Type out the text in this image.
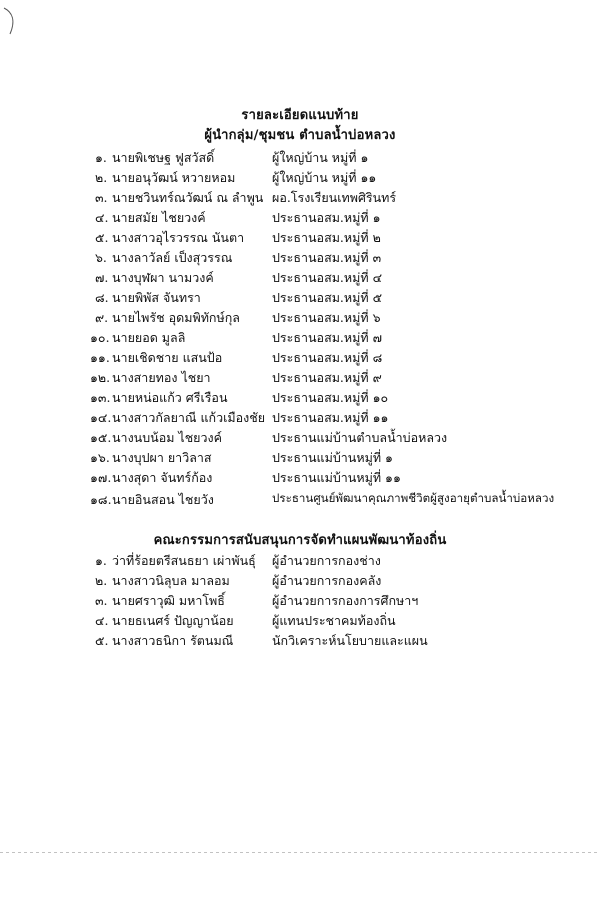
รายละเอียดแนบท้าย
ผู้นำกลุ่ม/ชุมชน ตำบลน้ำบ่อหลวง
๑. นายพิเชษฐ ฟูสวัสดิ์	ผู้ใหญ่บ้าน หมู่ที่ ๑
๒. นายอนุวัฒน์ หวายหอม	ผู้ใหญ่บ้าน หมู่ที่ ๑๑
๓. นายชวินทร์ณวัฒน์ ณ ลำพูน ผอ.โรงเรียนเทพศิรินทร์
๔. นายสมัย ไชยวงค์	ประธานอสม.หมู่ที่ ๑
๕. นางสาวอุไรวรรณ นันตา ประธานอสม.หมู่ที่ ๒
๖. นางลาวัลย์ เป็งสุวรรณ	ประธานอสม.หมู่ที่ ๓
๗. นางบุฬผา นามวงค์	ประธานอสม.หมู่ที่ ๔
๘. นายพิพัส จันทรา	ประธานอสม.หมู่ที่ ๕
๙. นายไพรัช อุดมพิทักษ์กุล	ประธานอสม.หมู่ที่ ๖
๑๐. นายยอด มูลลิ	ประธานอสม.หมู่ที่ ๗
๑๑. นายเชิดชาย แสนป้อ	ประธานอสม.หมู่ที่ ๘
๑๒. นางสายทอง ไชยา	ประธานอสม.หมู่ที่ ๙
๑๓. นายหน่อแก้ว ศรีเรือน	ประธานอสม.หมู่ที่ ๑๐
๑๔. นางสาวกัลยาณี แก้วเมืองชัย ประธานอสม.หมู่ที่ ๑๑
๑๕. นางนบน้อม ไชยวงค์	ประธานแม่บ้านตำบลน้ำบ่อหลวง
๑๖. นางบุปผา ยาวิลาส	ประธานแม่บ้านหมู่ที่ ๑
๑๗. นางสุดา จันทร์ก้อง	ประธานแม่บ้านหมู่ที่ ๑๑
๑๘. นายอินสอน ไชยวัง	ประธานศูนย์พัฒนาคุณภาพชีวิตผู้สูงอายุตำบลน้ำบ่อหลวง
คณะกรรมการสนับสนุนการจัดทำแผนพัฒนาท้องถิ่น
๑. ว่าที่ร้อยตรีสนธยา เผ่าพันธุ์ ผู้อำนวยการกองช่าง
๒. นางสาวนิลุบล มาลอม	ผู้อำนวยการกองคลัง
๓. นายศราวุฒิ มหาโพธิ์	ผู้อำนวยการกองการศึกษาฯ
๔. นายธเนศร์ ปัญญาน้อย	ผู้แทนประชาคมท้องถิ่น
๕. นางสาวธนิกา รัตนมณี	นักวิเคราะห์นโยบายและแผน
